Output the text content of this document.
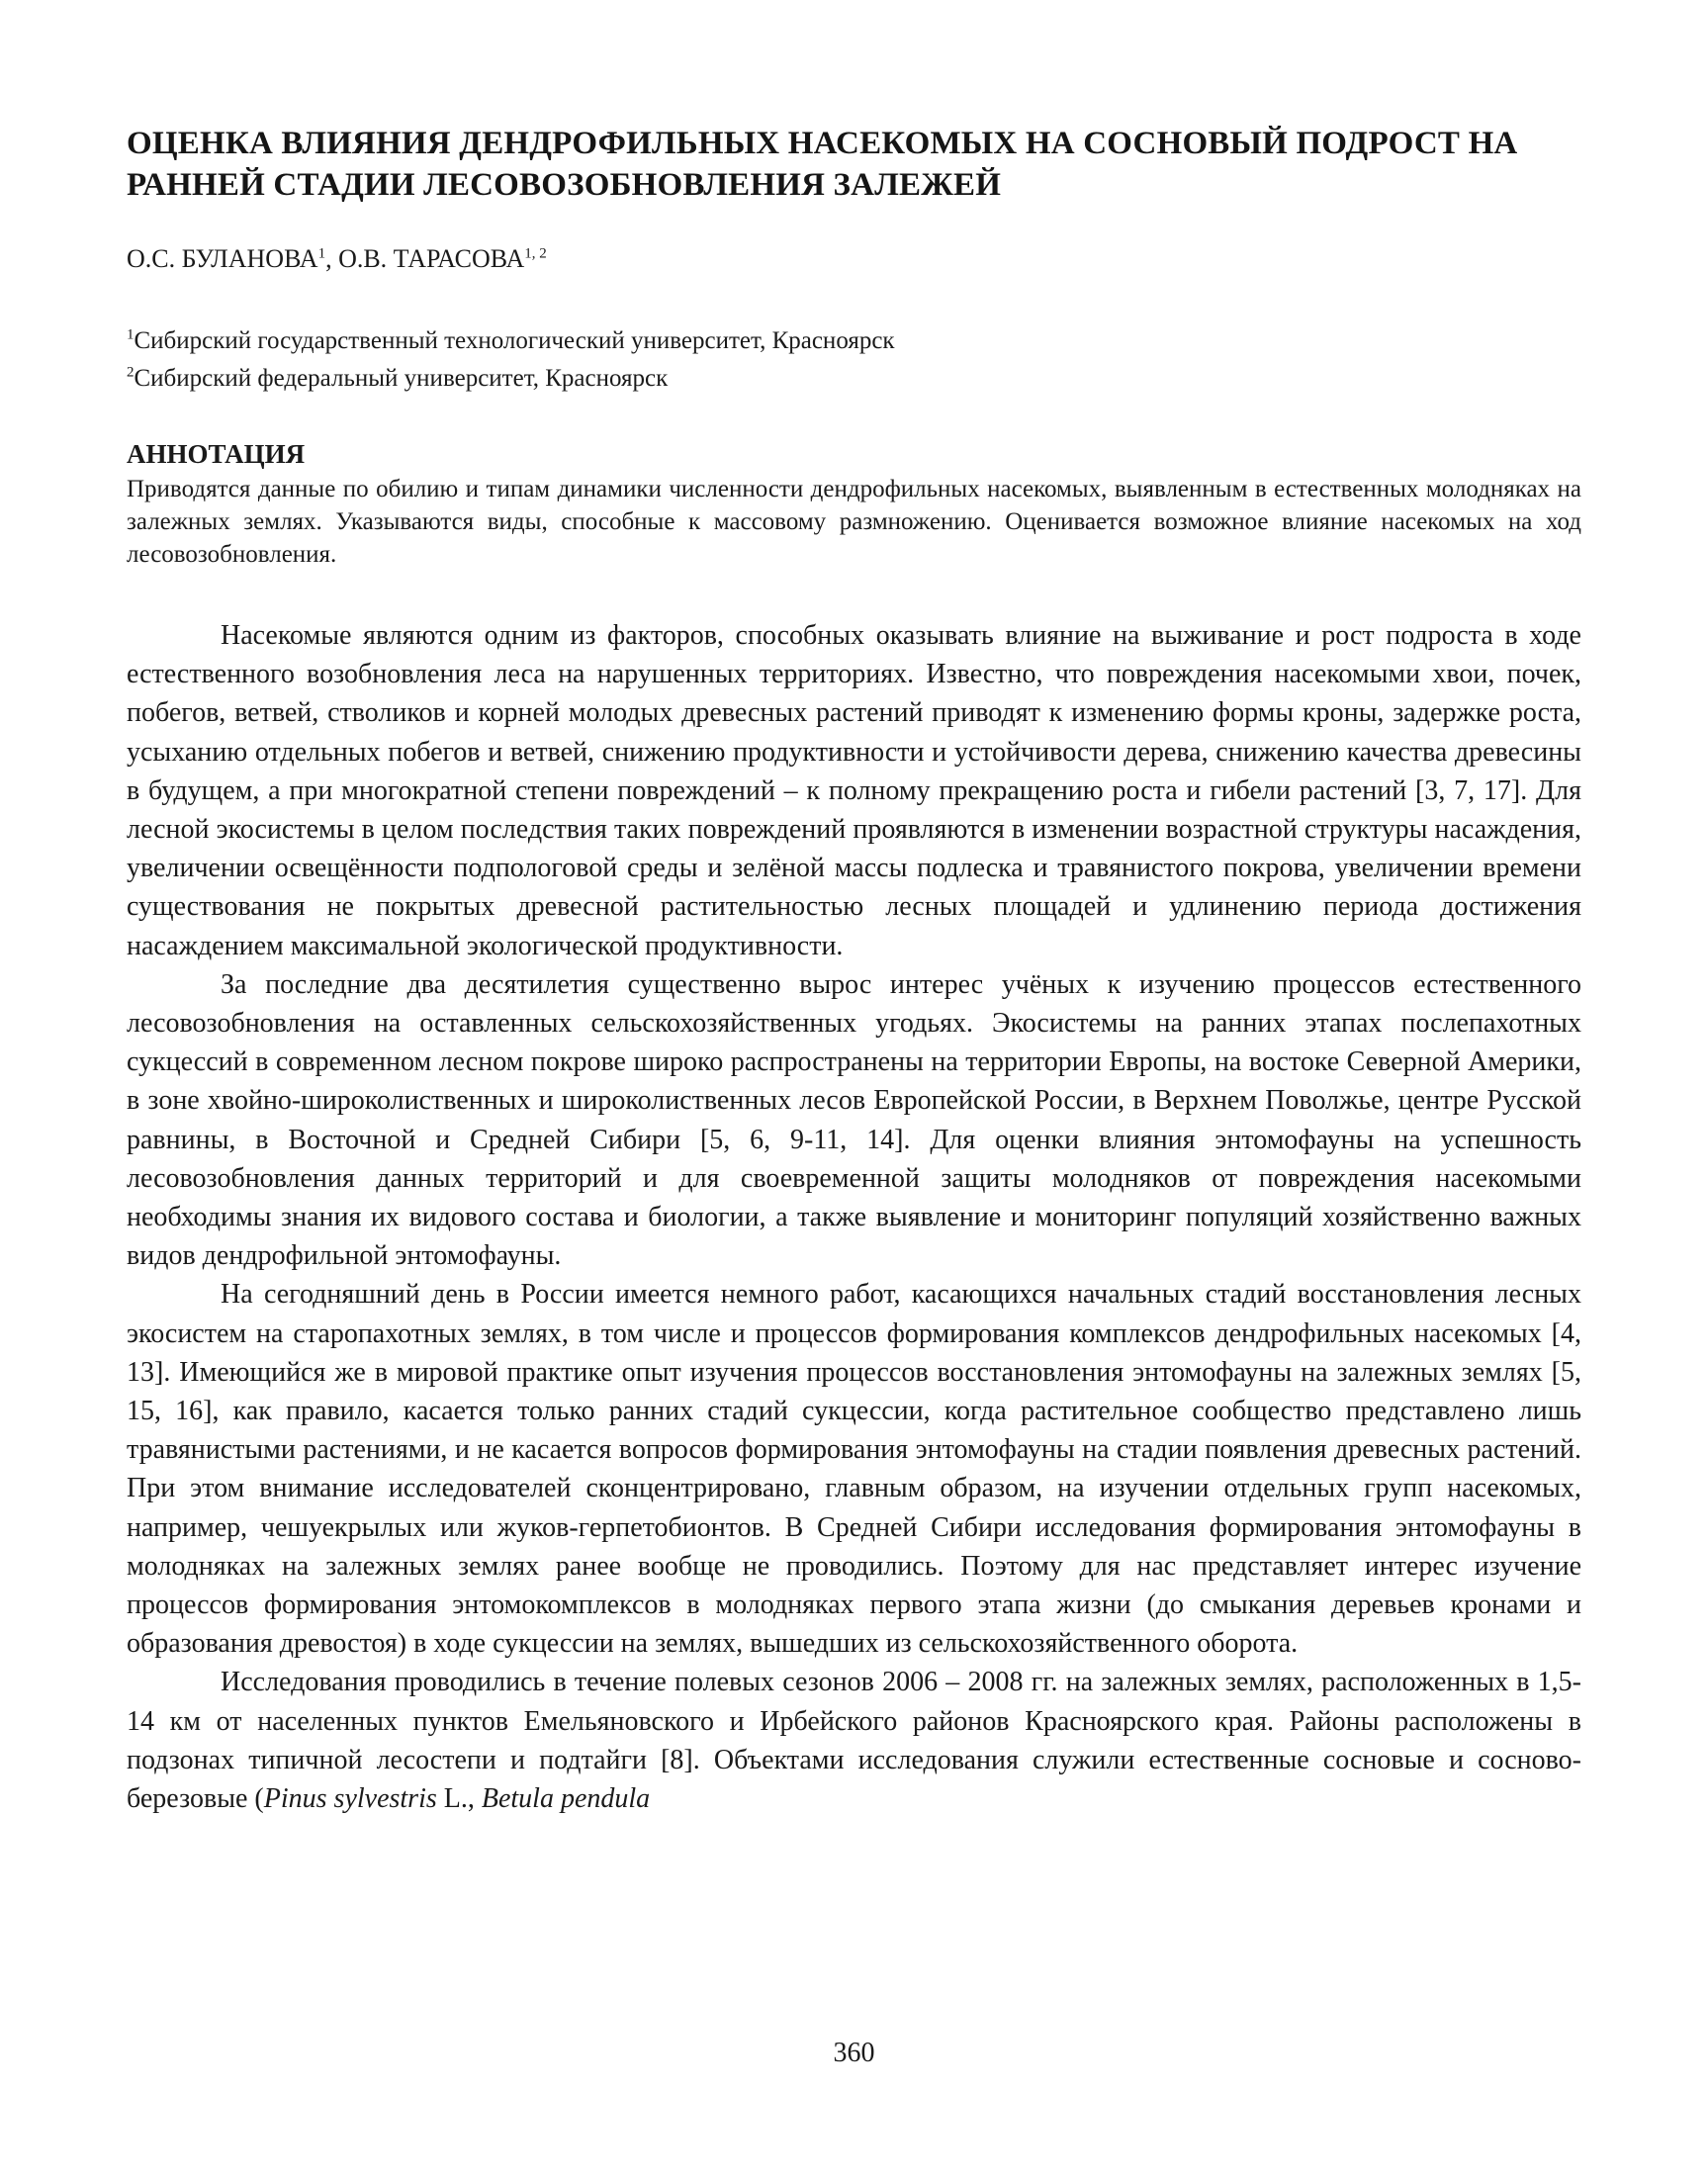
ОЦЕНКА ВЛИЯНИЯ ДЕНДРОФИЛЬНЫХ НАСЕКОМЫХ НА СОСНОВЫЙ ПОДРОСТ НА РАННЕЙ СТАДИИ ЛЕСОВОЗОБНОВЛЕНИЯ ЗАЛЕЖЕЙ
О.С. БУЛАНОВА$^1$, О.В. ТАРАСОВА$^{1, 2}$

$^1$Сибирский государственный технологический университет, Красноярск

$^2$Сибирский федеральный университет, Красноярск

АННОТАЦИЯ

Приводятся данные по обилию и типам динамики численности дендрофильных насекомых, выявленным в естественных молодняках на залежных землях. Указываются виды, способные к массовому размножению. Оценивается возможное влияние насекомых на ход лесовозобновления.

Насекомые являются одним из факторов, способных оказывать влияние на выживание и рост подроста в ходе естественного возобновления леса на нарушенных территориях. Известно, что повреждения насекомыми хвои, почек, побегов, ветвей, стволиков и корней молодых древесных растений приводят к изменению формы кроны, задержке роста, усыханию отдельных побегов и ветвей, снижению продуктивности и устойчивости дерева, снижению качества древесины в будущем, а при многократной степени повреждений – к полному прекращению роста и гибели растений [3, 7, 17]. Для лесной экосистемы в целом последствия таких повреждений проявляются в изменении возрастной структуры насаждения, увеличении освещённости подпологовой среды и зелёной массы подлеска и травянистого покрова, увеличении времени существования не покрытых древесной растительностью лесных площадей и удлинению периода достижения насаждением максимальной экологической продуктивности.

За последние два десятилетия существенно вырос интерес учёных к изучению процессов естественного лесовозобновления на оставленных сельскохозяйственных угодьях. Экосистемы на ранних этапах послепахотных сукцессий в современном лесном покрове широко распространены на территории Европы, на востоке Северной Америки, в зоне хвойно-широколиственных и широколиственных лесов Европейской России, в Верхнем Поволжье, центре Русской равнины, в Восточной и Средней Сибири [5, 6, 9-11, 14]. Для оценки влияния энтомофауны на успешность лесовозобновления данных территорий и для своевременной защиты молодняков от повреждения насекомыми необходимы знания их видового состава и биологии, а также выявление и мониторинг популяций хозяйственно важных видов дендрофильной энтомофауны.

На сегодняшний день в России имеется немного работ, касающихся начальных стадий восстановления лесных экосистем на старопахотных землях, в том числе и процессов формирования комплексов дендрофильных насекомых [4, 13]. Имеющийся же в мировой практике опыт изучения процессов восстановления энтомофауны на залежных землях [5, 15, 16], как правило, касается только ранних стадий сукцессии, когда растительное сообщество представлено лишь травянистыми растениями, и не касается вопросов формирования энтомофауны на стадии появления древесных растений. При этом внимание исследователей сконцентрировано, главным образом, на изучении отдельных групп насекомых, например, чешуекрылых или жуков-герпетобионтов. В Средней Сибири исследования формирования энтомофауны в молодняках на залежных землях ранее вообще не проводились. Поэтому для нас представляет интерес изучение процессов формирования энтомокомплексов в молодняках первого этапа жизни (до смыкания деревьев кронами и образования древостоя) в ходе сукцессии на землях, вышедших из сельскохозяйственного оборота.

Исследования проводились в течение полевых сезонов 2006 – 2008 гг. на залежных землях, расположенных в 1,5-14 км от населенных пунктов Емельяновского и Ирбейского районов Красноярского края. Районы расположены в подзонах типичной лесостепи и подтайги [8]. Объектами исследования служили естественные сосновые и сосново-березовые (Pinus sylvestris L., Betula pendula

360
